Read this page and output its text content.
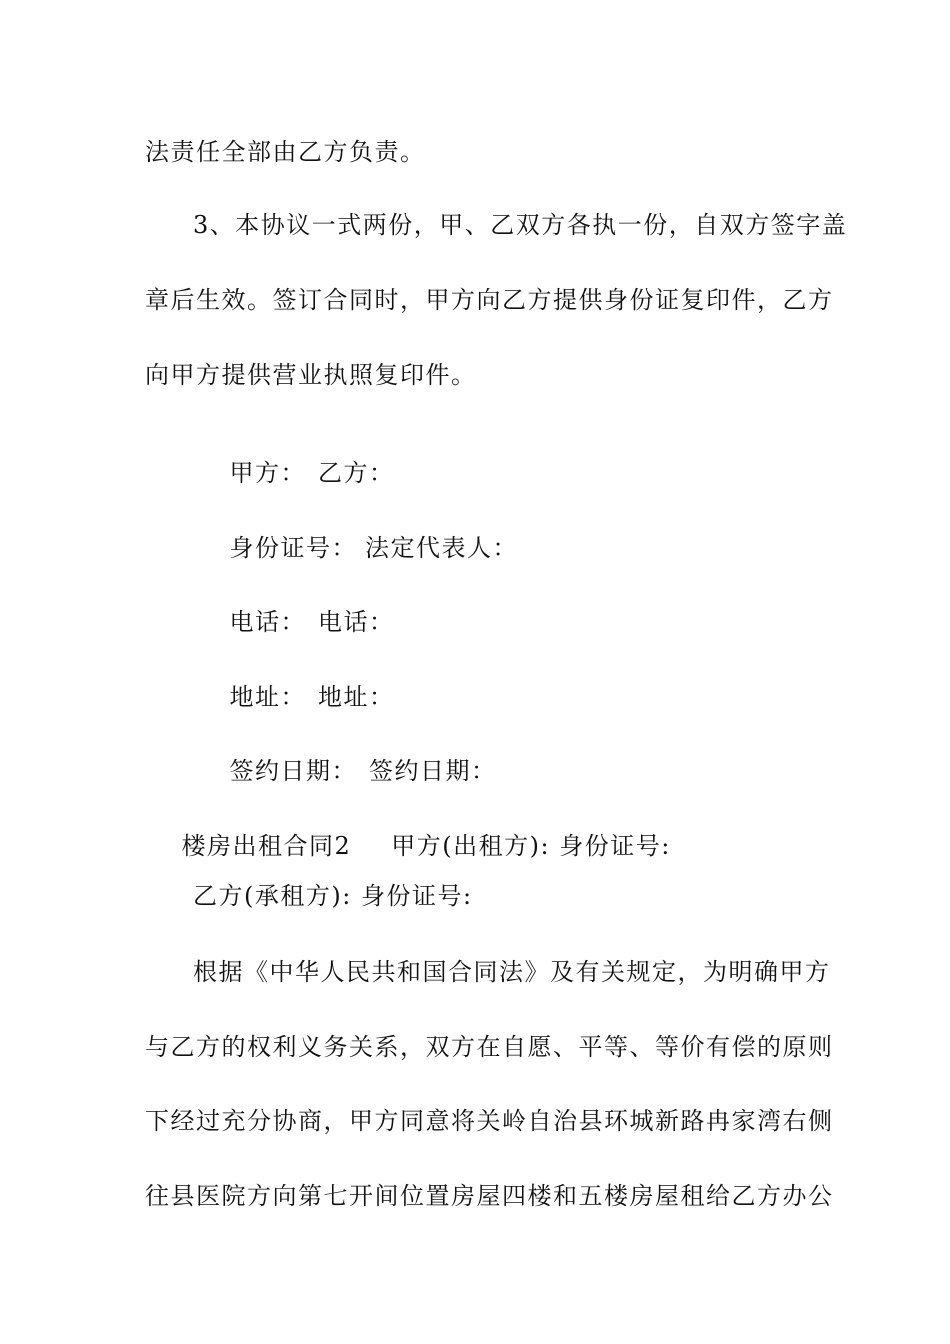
法责任全部由乙方负责。
3、本协议一式两份，甲、乙双方各执一份，自双方签字盖
章后生效。签订合同时，甲方向乙方提供身份证复印件，乙方
向甲方提供营业执照复印件。

甲方： 乙方：

身份证号： 法定代表人：

电话： 电话：

地址： 地址：

签约日期： 签约日期：

楼房出租合同2 甲方(出租方): 身份证号:

乙方(承租方): 身份证号:
根据《中华人民共和国合同法》及有关规定，为明确甲方
与乙方的权利义务关系，双方在自愿、平等、等价有偿的原则
下经过充分协商，甲方同意将关岭自治县环城新路冉家湾右侧
往县医院方向第七开间位置房屋四楼和五楼房屋租给乙方办公
